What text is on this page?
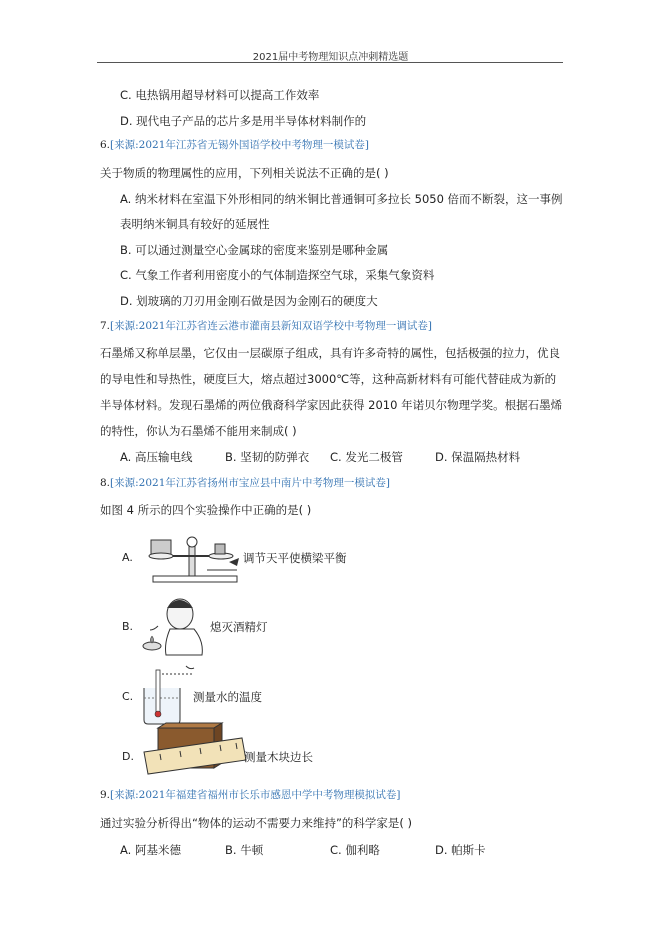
2021届中考物理知识点冲刺精选题
C. 电热锅用超导材料可以提高工作效率
D. 现代电子产品的芯片多是用半导体材料制作的
6.[来源:2021年江苏省无锡外国语学校中考物理一模试卷]
关于物质的物理属性的应用，下列相关说法不正确的是( )
A. 纳米材料在室温下外形相同的纳米铜比普通铜可多拉长 5050 倍而不断裂，这一事例
表明纳米铜具有较好的延展性
B. 可以通过测量空心金属球的密度来鉴别是哪种金属
C. 气象工作者利用密度小的气体制造探空气球，采集气象资料
D. 划玻璃的刀刃用金刚石做是因为金刚石的硬度大
7.[来源:2021年江苏省连云港市灌南县新知双语学校中考物理一调试卷]
石墨烯又称单层墨，它仅由一层碳原子组成，具有许多奇特的属性，包括极强的拉力，优良
的导电性和导热性，硬度巨大，熔点超过3000℃等，这种高新材料有可能代替硅成为新的
半导体材料。发现石墨烯的两位俄裔科学家因此获得 2010 年诺贝尔物理学奖。根据石墨烯
的特性，你认为石墨烯不能用来制成( )
A. 高压输电线	B. 坚韧的防弹衣 C. 发光二极管	D. 保温隔热材料
8.[来源:2021年江苏省扬州市宝应县中南片中考物理一模试卷]
如图 4 所示的四个实验操作中正确的是( )
A.	调节天平使横梁平衡
B.	熄灭酒精灯
C.	测量水的温度
D.	测量木块边长
9.[来源:2021年福建省福州市长乐市感恩中学中考物理模拟试卷]
通过实验分析得出“物体的运动不需要力来维持”的科学家是( )
A. 阿基米德	B. 牛顿	C. 伽利略	D. 帕斯卡
